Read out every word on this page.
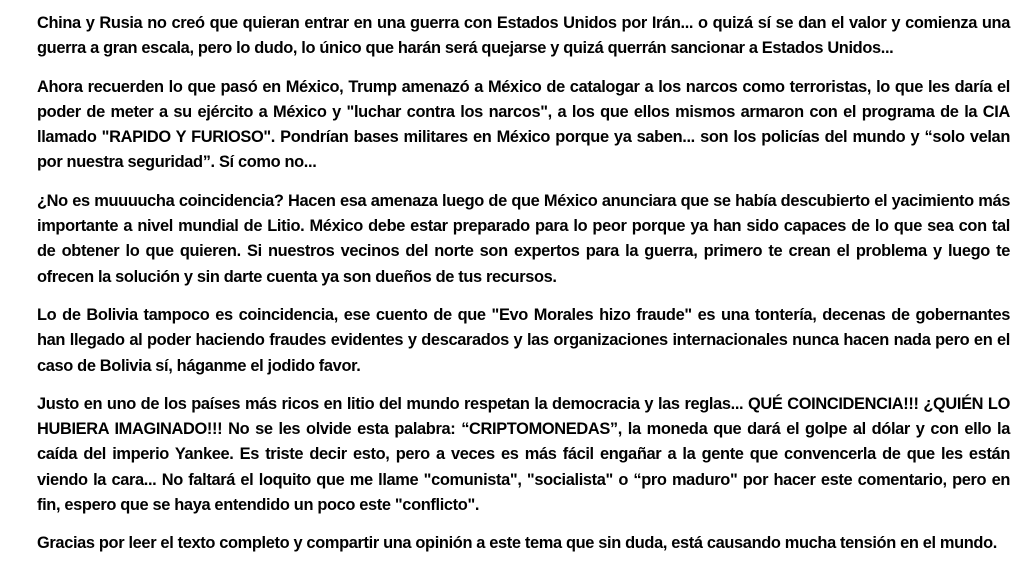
China y Rusia no creó que quieran entrar en una guerra con Estados Unidos por Irán... o quizá sí se dan el valor y comienza una guerra a gran escala, pero lo dudo, lo único que harán será quejarse y quizá querrán sancionar a Estados Unidos...

Ahora recuerden lo que pasó en México, Trump amenazó a México de catalogar a los narcos como terroristas, lo que les daría el poder de meter a su ejército a México y "luchar contra los narcos", a los que ellos mismos armaron con el programa de la CIA llamado "RAPIDO Y FURIOSO". Pondrían bases militares en México porque ya saben... son los policías del mundo y “solo velan por nuestra seguridad”. Sí como no...

¿No es muuuucha coincidencia? Hacen esa amenaza luego de que México anunciara que se había descubierto el yacimiento más importante a nivel mundial de Litio. México debe estar preparado para lo peor porque ya han sido capaces de lo que sea con tal de obtener lo que quieren. Si nuestros vecinos del norte son expertos para la guerra, primero te crean el problema y luego te ofrecen la solución y sin darte cuenta ya son dueños de tus recursos.

Lo de Bolivia tampoco es coincidencia, ese cuento de que "Evo Morales hizo fraude" es una tontería, decenas de gobernantes han llegado al poder haciendo fraudes evidentes y descarados y las organizaciones internacionales nunca hacen nada pero en el caso de Bolivia sí, háganme el jodido favor.

Justo en uno de los países más ricos en litio del mundo respetan la democracia y las reglas... QUÉ COINCIDENCIA!!! ¿QUIÉN LO HUBIERA IMAGINADO!!! No se les olvide esta palabra: “CRIPTOMONEDAS”, la moneda que dará el golpe al dólar y con ello la caída del imperio Yankee. Es triste decir esto, pero a veces es más fácil engañar a la gente que convencerla de que les están viendo la cara... No faltará el loquito que me llame "comunista", "socialista" o “pro maduro" por hacer este comentario, pero en fin, espero que se haya entendido un poco este "conflicto".

Gracias por leer el texto completo y compartir una opinión a este tema que sin duda, está causando mucha tensión en el mundo.
